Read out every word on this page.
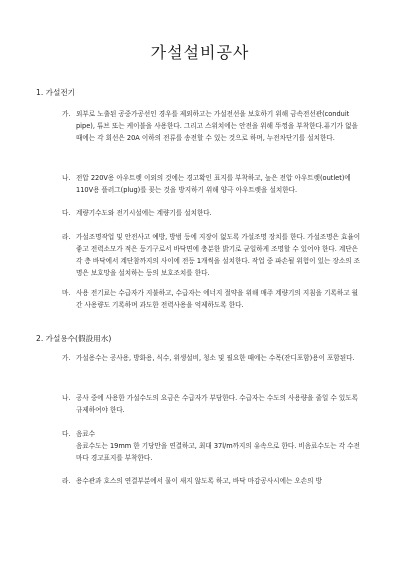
가설설비공사
1. 가설전기
가. 외부로 노출된 공중가공선인 경우를 제외하고는 가설전선을 보호하기 위해 금속전선관(conduit pipe), 튜브 또는 케이블을 사용한다. 그리고 스위치에는 안전을 위해 뚜껑을 부착한다.퓨기가 없을 때에는 각 회선은 20A 이하의 전류를 송전할 수 있는 것으로 하며, 누전차단기를 설치한다.
나. 전압 220V용 아우트렛 이외의 것에는 경고확인 표지를 부착하고, 높은 전압 아우트렛(outlet)에 110V용 플러그(plug)를 꽂는 것을 방지하기 위해 양극 아우트렛을 설치한다.
다. 계량기수도와 전기시설에는 계량기를 설치한다.
라. 가설조명작업 및 안전사고 예방, 방범 등에 지장이 없도록 가설조명 장치를 한다. 가설조명은 효율이 좋고 전력소모가 적은 등기구로서 바닥면에 충분한 밝기로 균일하게 조명할 수 있어야 한다. 계단은 각 층 바닥에서 계단참까지의 사이에 전등 1개씩을 설치한다. 작업 중 파손될 위험이 있는 장소의 조명은 보호망을 설치하는 등의 보호조치를 한다.
마. 사용 전기료는 수급자가 지불하고, 수급자는 에너지 절약을 위해 매주 계량기의 지침을 기록하고 월간 사용량도 기록하며 과도한 전력사용을 억제하도록 한다.
2. 가설용수(假設用水)
가. 가설용수는 공사용, 방화용, 식수, 위생설비, 청소 및 필요한 때에는 수목(잔디포함)용이 포함된다.
나. 공사 중에 사용한 가설수도의 요금은 수급자가 부담한다. 수급자는 수도의 사용량을 줄일 수 있도록 규제하여야 한다.
다. 음료수
음료수도는 19mm 한 기당만을 연결하고, 최대 37l/m까지의 유속으로 한다. 비음료수도는 각 수전마다 경고표지를 부착한다.
라. 용수관과 호스의 연결부분에서 물이 새지 않도록 하고, 바닥 마감공사시에는 오손의 방
